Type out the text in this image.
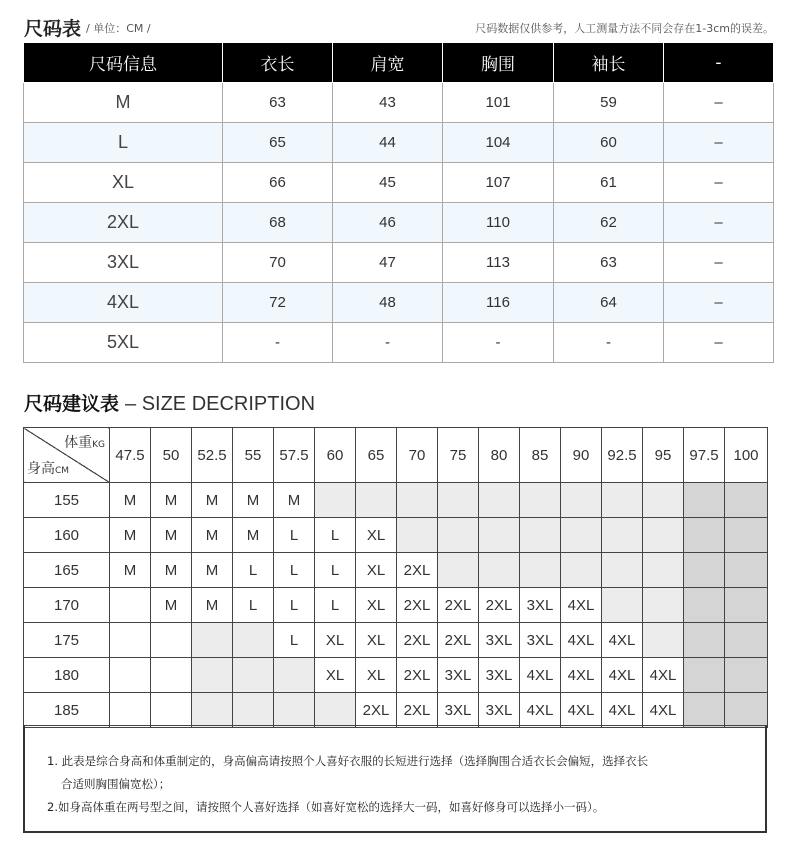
尺码表 / 单位：CM /	尺码数据仅供参考，人工测量方法不同会存在1-3cm的误差。
尺码信息	衣长	肩宽	胸围	袖长	-
M	63	43	101	59	–
L	65	44	104	60	–
XL	66	45	107	61	–
2XL	68	46	110	62	–
3XL	70	47	113	63	–
4XL	72	48	116	64	–
5XL	-	-	-	-	–
尺码建议表 – SIZE DECRIPTION
体重KG
身高CM	47.5	50	52.5	55	57.5	60	65	70	75	80	85	90	92.5	95	97.5	100
155	M	M	M	M	M											
160	M	M	M	M	L	L	XL									
165	M	M	M	L	L	L	XL	2XL								
170		M	M	L	L	L	XL	2XL	2XL	2XL	3XL	4XL				
175					L	XL	XL	2XL	2XL	3XL	3XL	4XL	4XL			
180						XL	XL	2XL	3XL	3XL	4XL	4XL	4XL	4XL		
185							2XL	2XL	3XL	3XL	4XL	4XL	4XL	4XL		

1. 此表是综合身高和体重制定的，身高偏高请按照个人喜好衣服的长短进行选择（选择胸围合适衣长会偏短，选择衣长

合适则胸围偏宽松）；

2.如身高体重在两号型之间，请按照个人喜好选择（如喜好宽松的选择大一码，如喜好修身可以选择小一码）。
